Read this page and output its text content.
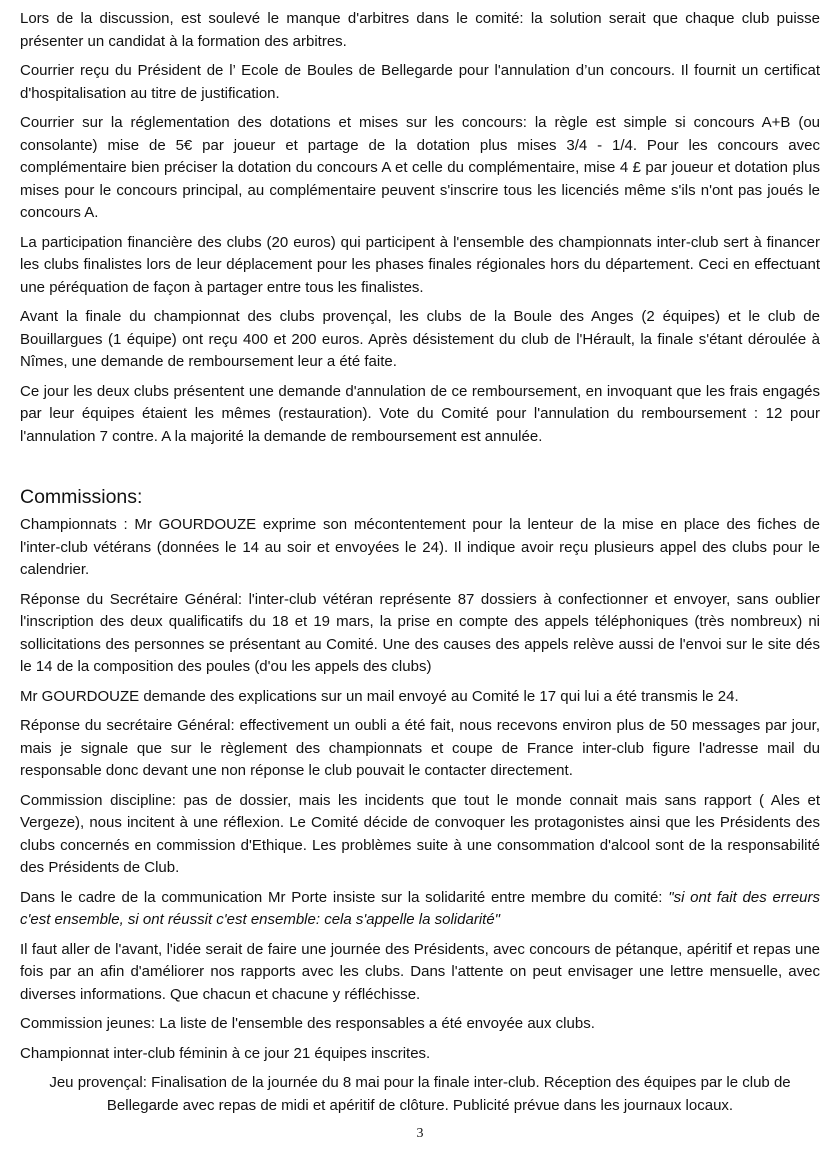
Lors de la discussion, est soulevé le manque d'arbitres dans le comité: la solution serait que chaque club puisse présenter un candidat à la formation des arbitres.

Courrier reçu du Président de l’ Ecole de Boules de Bellegarde pour l'annulation d’un concours. Il fournit un certificat d'hospitalisation au titre de justification.

Courrier sur la réglementation des dotations et mises sur les concours: la règle est simple si concours A+B (ou consolante) mise de 5€ par joueur et partage de la dotation plus mises 3/4 - 1/4. Pour les concours avec complémentaire bien préciser la dotation du concours A et celle du complémentaire, mise 4 £ par joueur et dotation plus mises pour le concours principal, au complémentaire peuvent s'inscrire tous les licenciés même s'ils n'ont pas joués le concours A.

La participation financière des clubs (20 euros) qui participent à l'ensemble des championnats inter-club sert à financer les clubs finalistes lors de leur déplacement pour les phases finales régionales hors du département. Ceci en effectuant une péréquation de façon à partager entre tous les finalistes.

Avant la finale du championnat des clubs provençal, les clubs de la Boule des Anges (2 équipes) et le club de Bouillargues (1 équipe) ont reçu 400 et 200 euros. Après désistement du club de l'Hérault, la finale s'étant déroulée à Nîmes, une demande de remboursement leur a été faite.

Ce jour les deux clubs présentent une demande d'annulation de ce remboursement, en invoquant que les frais engagés par leur équipes étaient les mêmes (restauration). Vote du Comité pour l'annulation du remboursement : 12 pour l'annulation 7 contre. A la majorité la demande de remboursement est annulée.

Commissions:

Championnats : Mr GOURDOUZE exprime son mécontentement pour la lenteur de la mise en place des fiches de l'inter-club vétérans (données le 14 au soir et envoyées le 24). Il indique avoir reçu plusieurs appel des clubs pour le calendrier.

Réponse du Secrétaire Général: l'inter-club vétéran représente 87 dossiers à confectionner et envoyer, sans oublier l'inscription des deux qualificatifs du 18 et 19 mars, la prise en compte des appels téléphoniques (très nombreux) ni sollicitations des personnes se présentant au Comité. Une des causes des appels relève aussi de l'envoi sur le site dés le 14 de la composition des poules (d'ou les appels des clubs)

Mr GOURDOUZE demande des explications sur un mail envoyé au Comité le 17 qui lui a été transmis le 24.

Réponse du secrétaire Général: effectivement un oubli a été fait, nous recevons environ plus de 50 messages par jour, mais je signale que sur le règlement des championnats et coupe de France inter-club figure l'adresse mail du responsable donc devant une non réponse le club pouvait le contacter directement.

Commission discipline: pas de dossier, mais les incidents que tout le monde connait mais sans rapport ( Ales et Vergeze), nous incitent à une réflexion. Le Comité décide de convoquer les protagonistes ainsi que les Présidents des clubs concernés en commission d'Ethique. Les problèmes suite à une consommation d'alcool sont de la responsabilité des Présidents de Club.

Dans le cadre de la communication Mr Porte insiste sur la solidarité entre membre du comité: "si ont fait des erreurs c'est ensemble, si ont réussit c'est ensemble: cela s'appelle la solidarité"

Il faut aller de l'avant, l'idée serait de faire une journée des Présidents, avec concours de pétanque, apéritif et repas une fois par an afin d'améliorer nos rapports avec les clubs. Dans l'attente on peut envisager une lettre mensuelle, avec diverses informations. Que chacun et chacune y réfléchisse.

Commission jeunes: La liste de l'ensemble des responsables a été envoyée aux clubs.

Championnat inter-club féminin à ce jour 21 équipes inscrites.

Jeu provençal: Finalisation de la journée du 8 mai pour la finale inter-club. Réception des équipes par le club de Bellegarde avec repas de midi et apéritif de clôture. Publicité prévue dans les journaux locaux.

3
